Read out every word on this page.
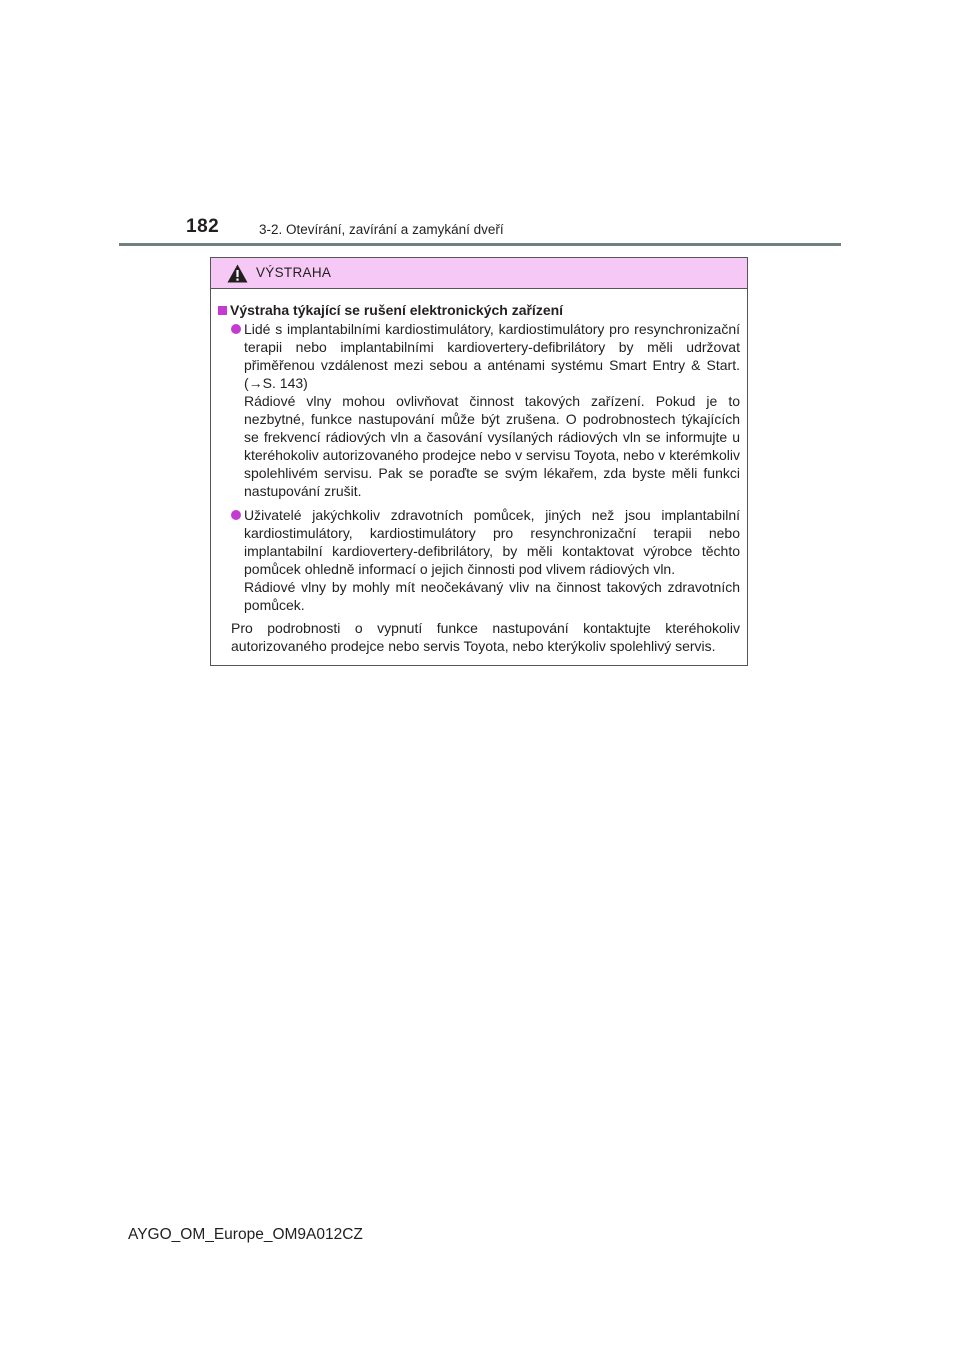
182	3-2. Otevírání, zavírání a zamykání dveří
VÝSTRAHA
Výstraha týkající se rušení elektronických zařízení

Lidé s implantabilními kardiostimulátory, kardiostimulátory pro resynchronizační terapii nebo implantabilními kardiovertery-defibrilátory by měli udržovat přiměřenou vzdálenost mezi sebou a anténami systému Smart Entry & Start. (→S. 143)

Rádiové vlny mohou ovlivňovat činnost takových zařízení. Pokud je to nezbytné, funkce nastupování může být zrušena. O podrobnostech týkajících se frekvencí rádiových vln a časování vysílaných rádiových vln se informujte u kteréhokoliv autorizovaného prodejce nebo v servisu Toyota, nebo v kterémkoliv spolehlivém servisu. Pak se poraďte se svým lékařem, zda byste měli funkci nastupování zrušit.

Uživatelé jakýchkoliv zdravotních pomůcek, jiných než jsou implantabilní kardiostimulátory, kardiostimulátory pro resynchronizační terapii nebo implantabilní kardiovertery-defibrilátory, by měli kontaktovat výrobce těchto pomůcek ohledně informací o jejich činnosti pod vlivem rádiových vln.

Rádiové vlny by mohly mít neočekávaný vliv na činnost takových zdravotních pomůcek.

Pro podrobnosti o vypnutí funkce nastupování kontaktujte kteréhokoliv autorizovaného prodejce nebo servis Toyota, nebo kterýkoliv spolehlivý servis.

AYGO_OM_Europe_OM9A012CZ
